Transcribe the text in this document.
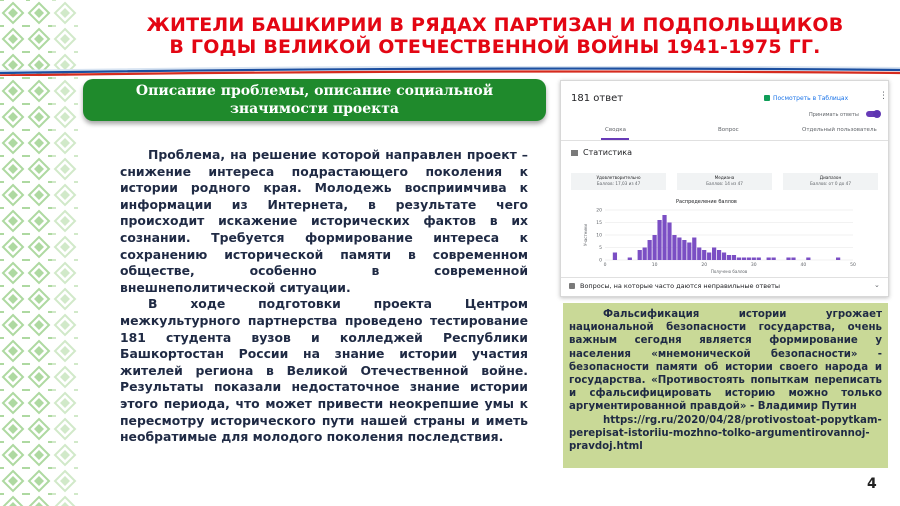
ЖИТЕЛИ БАШКИРИИ В РЯДАХ ПАРТИЗАН И ПОДПОЛЬЩИКОВ
В ГОДЫ ВЕЛИКОЙ ОТЕЧЕСТВЕННОЙ ВОЙНЫ 1941-1975 ГГ.
Описание проблемы, описание социальной значимости проекта

Проблема, на решение которой направлен проект – снижение интереса подрастающего поколения к истории родного края. Молодежь восприимчива к информации из Интернета, в результате чего происходит искажение исторических фактов в их сознании. Требуется формирование интереса к сохранению исторической памяти в современном обществе, особенно в современной внешнеполитической ситуации.

В ходе подготовки проекта Центром межкультурного партнерства проведено тестирование 181 студента вузов и колледжей Республики Башкортостан России на знание истории участия жителей региона в Великой Отечественной войне. Результаты показали недостаточное знание истории этого периода, что может привести неокрепшие умы к пересмотру исторического пути нашей страны и иметь необратимые для молодого поколения последствия.

181 ответ	Посмотреть в Таблицах	⋮
Принимать ответы
Сводка	Вопрос	Отдельный пользователь
Статистика
Удовлетворительно
Баллов: 17,03 из 47
Медиана
Баллов: 14 из 47
Диапазон
Баллов: от 0 до 47
Распределение баллов
0
5
10
15
20
0	10	20	30	40	50
Получено баллов
Участники
Вопросы, на которые часто даются неправильные ответы	⌄

Фальсификация истории угрожает национальной безопасности государства, очень важным сегодня является формирование у населения «мнемонической безопасности» - безопасности памяти об истории своего народа и государства. «Противостоять попыткам переписать и сфальсифицировать историю можно только аргументированной правдой» - Владимир Путин

https://rg.ru/2020/04/28/protivostoat-popytkam-perepisat-istoriiu-mozhno-tolko-argumentirovannoj-pravdoj.html

4
